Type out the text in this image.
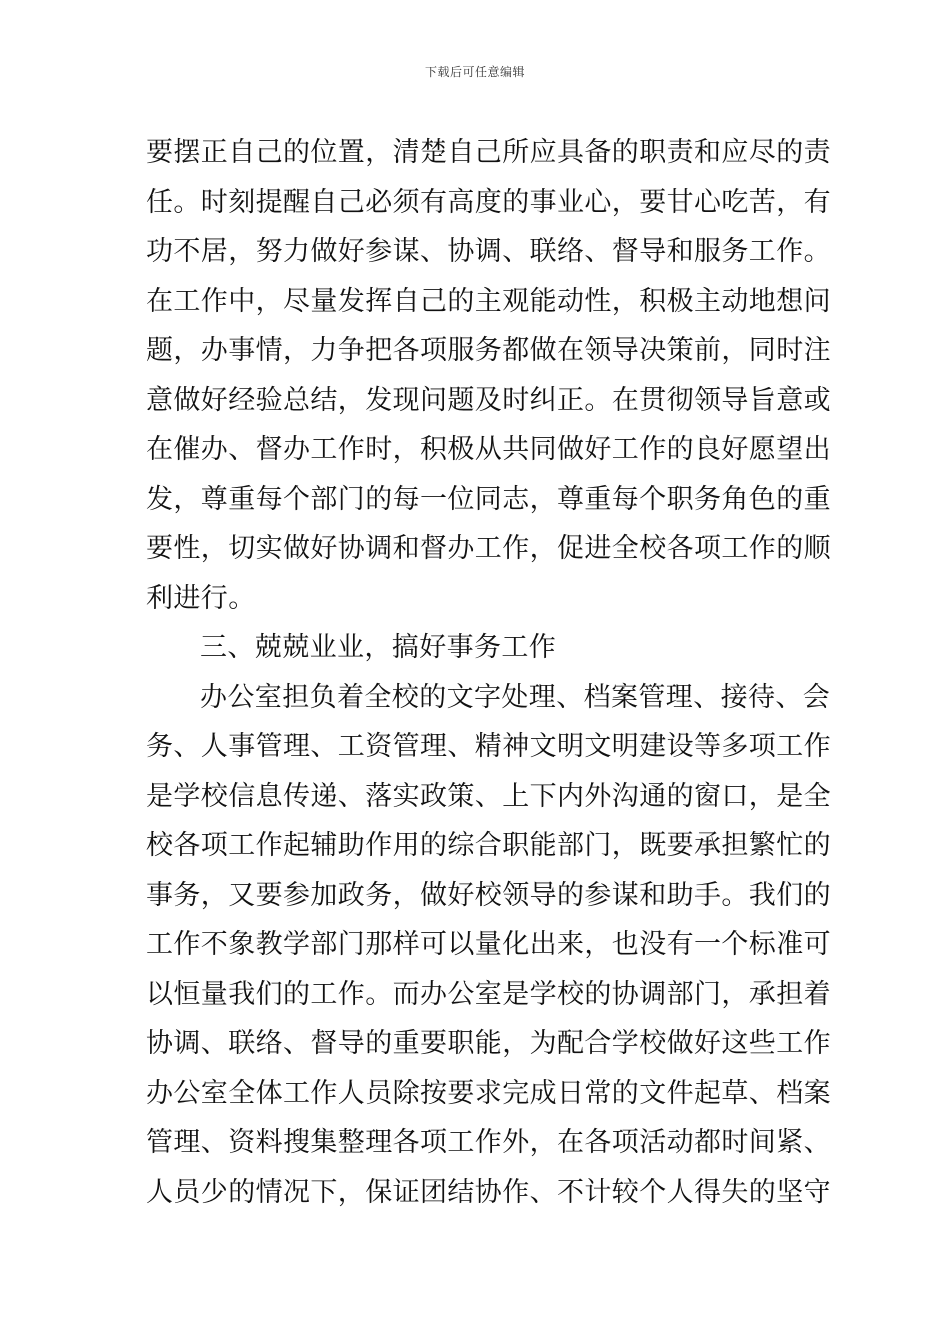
下载后可任意编辑
要摆正自己的位置，清楚自己所应具备的职责和应尽的责
任。时刻提醒自己必须有高度的事业心，要甘心吃苦，有
功不居，努力做好参谋、协调、联络、督导和服务工作。
在工作中，尽量发挥自己的主观能动性，积极主动地想问
题，办事情，力争把各项服务都做在领导决策前，同时注
意做好经验总结，发现问题及时纠正。在贯彻领导旨意或
在催办、督办工作时，积极从共同做好工作的良好愿望出
发，尊重每个部门的每一位同志，尊重每个职务角色的重
要性，切实做好协调和督办工作，促进全校各项工作的顺
利进行。
三、兢兢业业，搞好事务工作
办公室担负着全校的文字处理、档案管理、接待、会
务、人事管理、工资管理、精神文明文明建设等多项工作
是学校信息传递、落实政策、上下内外沟通的窗口，是全
校各项工作起辅助作用的综合职能部门，既要承担繁忙的
事务，又要参加政务，做好校领导的参谋和助手。我们的
工作不象教学部门那样可以量化出来，也没有一个标准可
以恒量我们的工作。而办公室是学校的协调部门，承担着
协调、联络、督导的重要职能，为配合学校做好这些工作
办公室全体工作人员除按要求完成日常的文件起草、档案
管理、资料搜集整理各项工作外，在各项活动都时间紧、
人员少的情况下，保证团结协作、不计较个人得失的坚守
